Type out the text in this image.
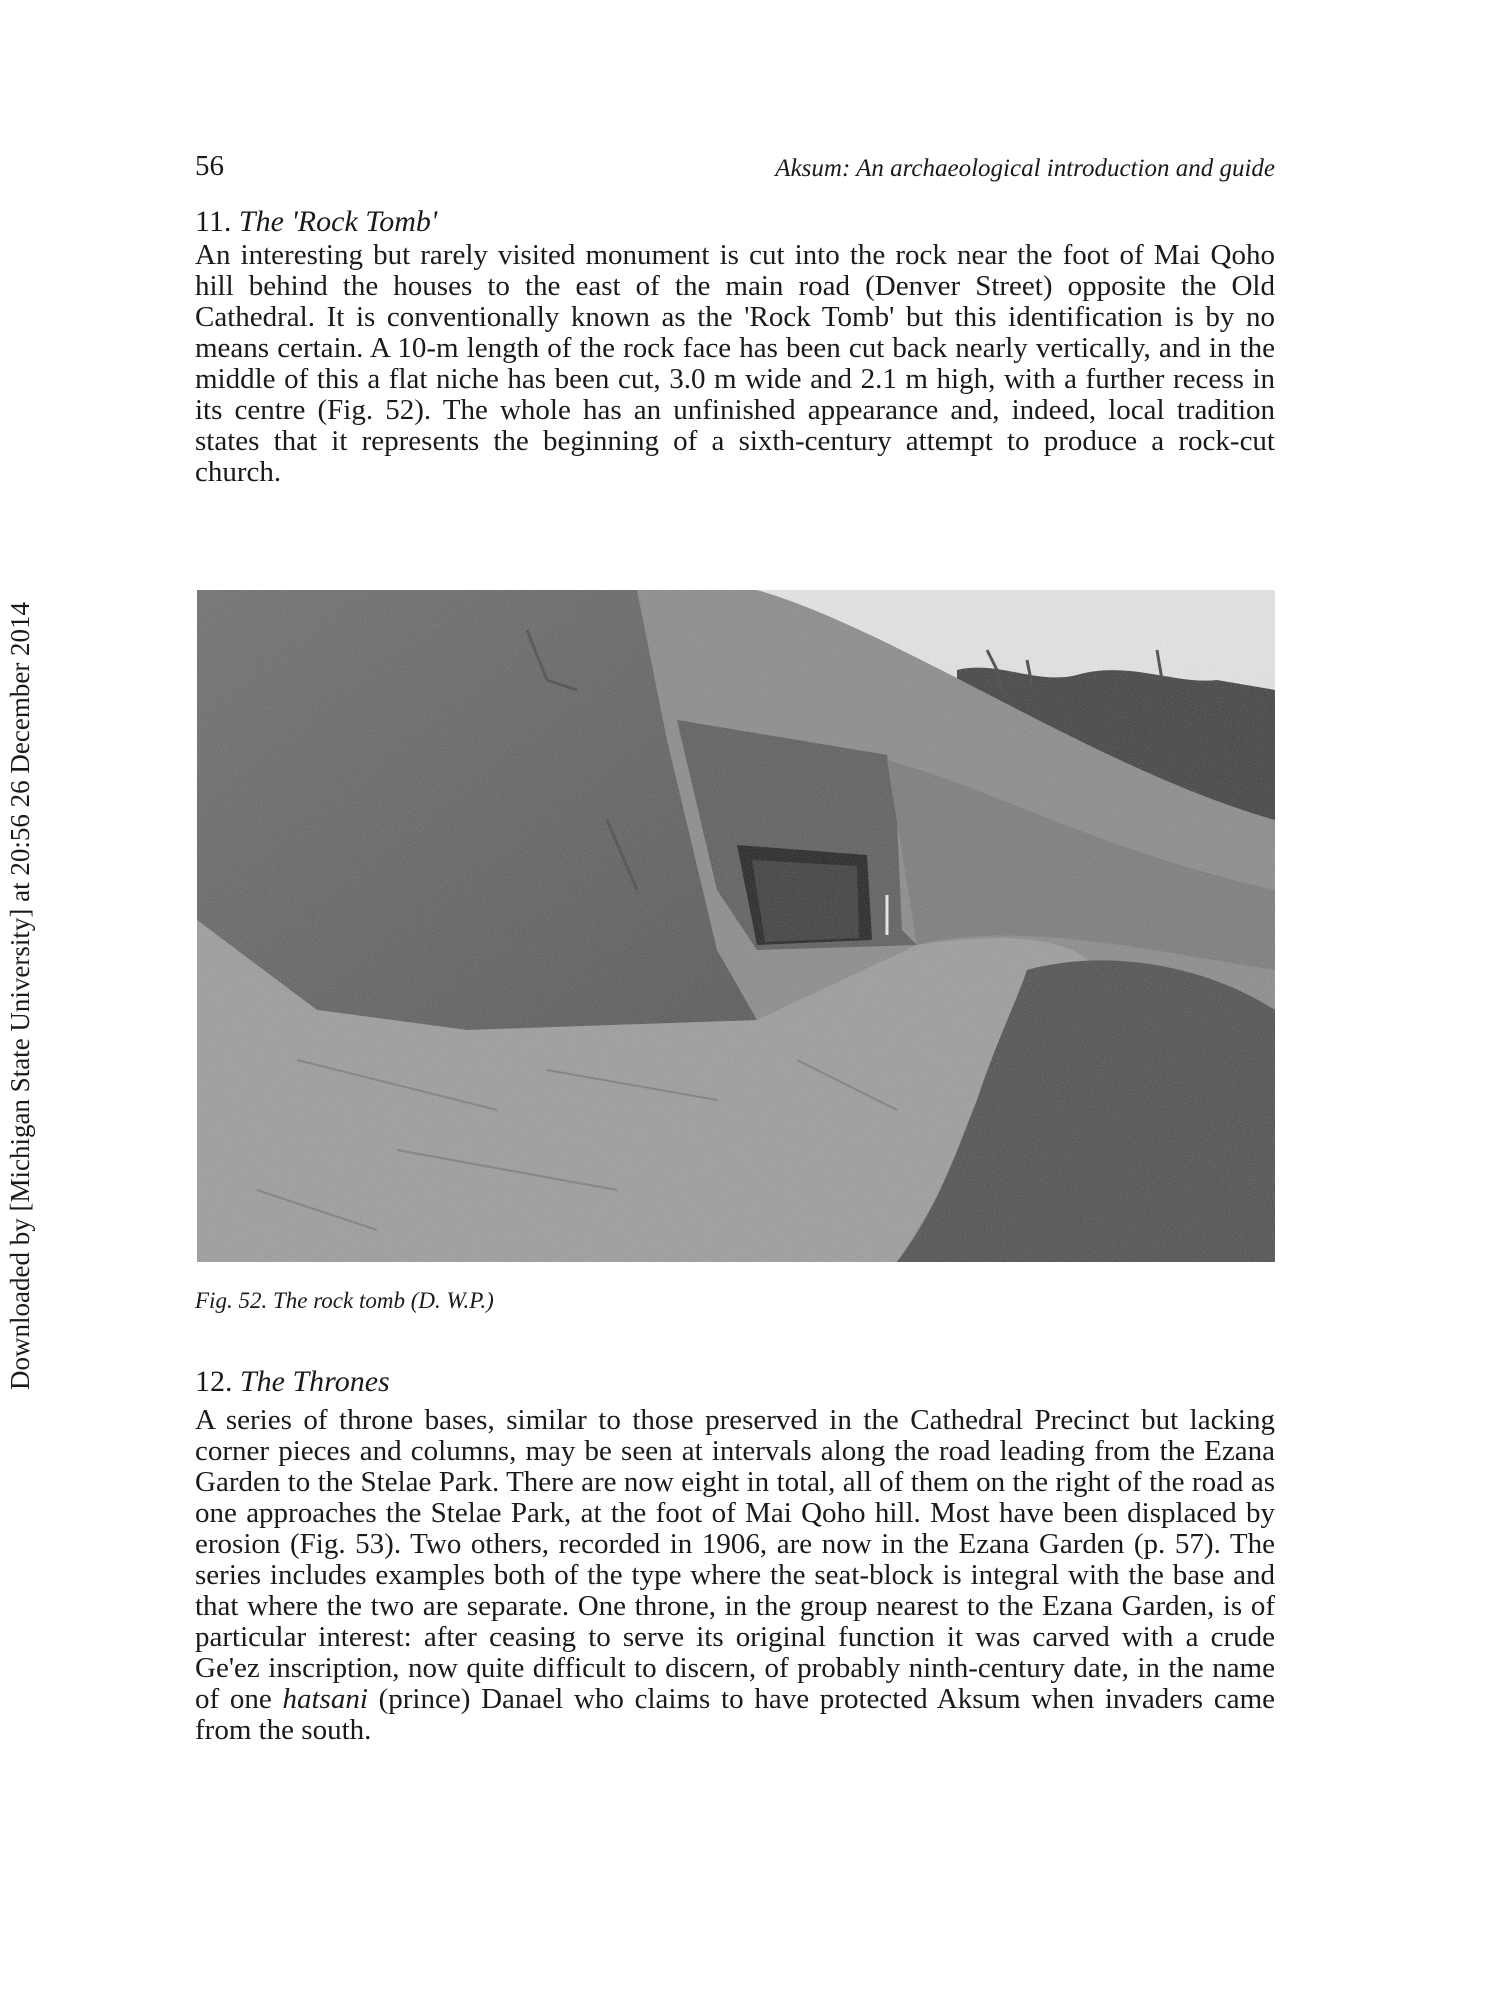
56	Aksum: An archaeological introduction and guide
Downloaded by [Michigan State University] at 20:56 26 December 2014
11. The 'Rock Tomb'

An interesting but rarely visited monument is cut into the rock near the foot of Mai Qoho hill behind the houses to the east of the main road (Denver Street) opposite the Old Cathedral. It is conventionally known as the 'Rock Tomb' but this identification is by no means certain. A 10-m length of the rock face has been cut back nearly vertically, and in the middle of this a flat niche has been cut, 3.0 m wide and 2.1 m high, with a further recess in its centre (Fig. 52). The whole has an unfinished appearance and, indeed, local tradition states that it represents the beginning of a sixth-century attempt to produce a rock-cut church.

Fig. 52. The rock tomb (D. W.P.)
12. The Thrones

A series of throne bases, similar to those preserved in the Cathedral Precinct but lacking corner pieces and columns, may be seen at intervals along the road leading from the Ezana Garden to the Stelae Park. There are now eight in total, all of them on the right of the road as one approaches the Stelae Park, at the foot of Mai Qoho hill. Most have been displaced by erosion (Fig. 53). Two others, recorded in 1906, are now in the Ezana Garden (p. 57). The series includes examples both of the type where the seat-block is integral with the base and that where the two are separate. One throne, in the group nearest to the Ezana Garden, is of particular interest: after ceasing to serve its original function it was carved with a crude Ge'ez inscription, now quite difficult to discern, of probably ninth-century date, in the name of one hatsani (prince) Danael who claims to have protected Aksum when invaders came from the south.
